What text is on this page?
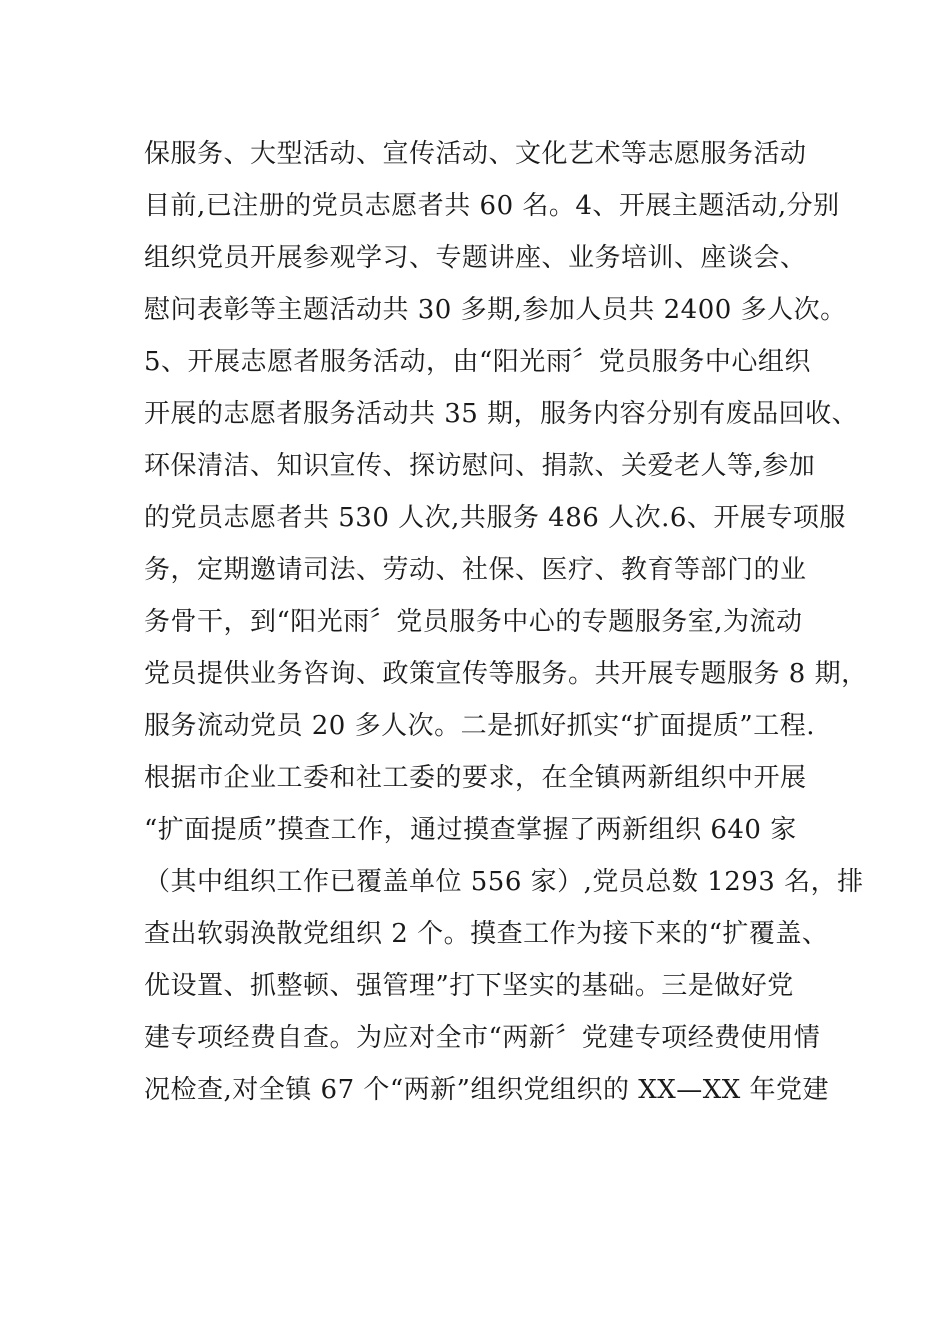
保服务、大型活动、宣传活动、文化艺术等志愿服务活动
目前,已注册的党员志愿者共 60 名。4、开展主题活动,分别
组织党员开展参观学习、专题讲座、业务培训、座谈会、
慰问表彰等主题活动共 30 多期,参加人员共 2400 多人次。
5、开展志愿者服务活动，由“阳光雨〞党员服务中心组织
开展的志愿者服务活动共 35 期，服务内容分别有废品回收、
环保清洁、知识宣传、探访慰问、捐款、关爱老人等,参加
的党员志愿者共 530 人次,共服务 486 人次.6、开展专项服
务，定期邀请司法、劳动、社保、医疗、教育等部门的业
务骨干，到“阳光雨〞党员服务中心的专题服务室,为流动
党员提供业务咨询、政策宣传等服务。共开展专题服务 8 期，
服务流动党员 20 多人次。二是抓好抓实“扩面提质”工程.
根据市企业工委和社工委的要求，在全镇两新组织中开展
“扩面提质”摸查工作，通过摸查掌握了两新组织 640 家
（其中组织工作已覆盖单位 556 家）,党员总数 1293 名，排
查出软弱涣散党组织 2 个。摸查工作为接下来的“扩覆盖、
优设置、抓整顿、强管理”打下坚实的基础。三是做好党
建专项经费自查。为应对全市“两新〞党建专项经费使用情
况检查,对全镇 67 个“两新”组织党组织的 XX—XX 年党建
